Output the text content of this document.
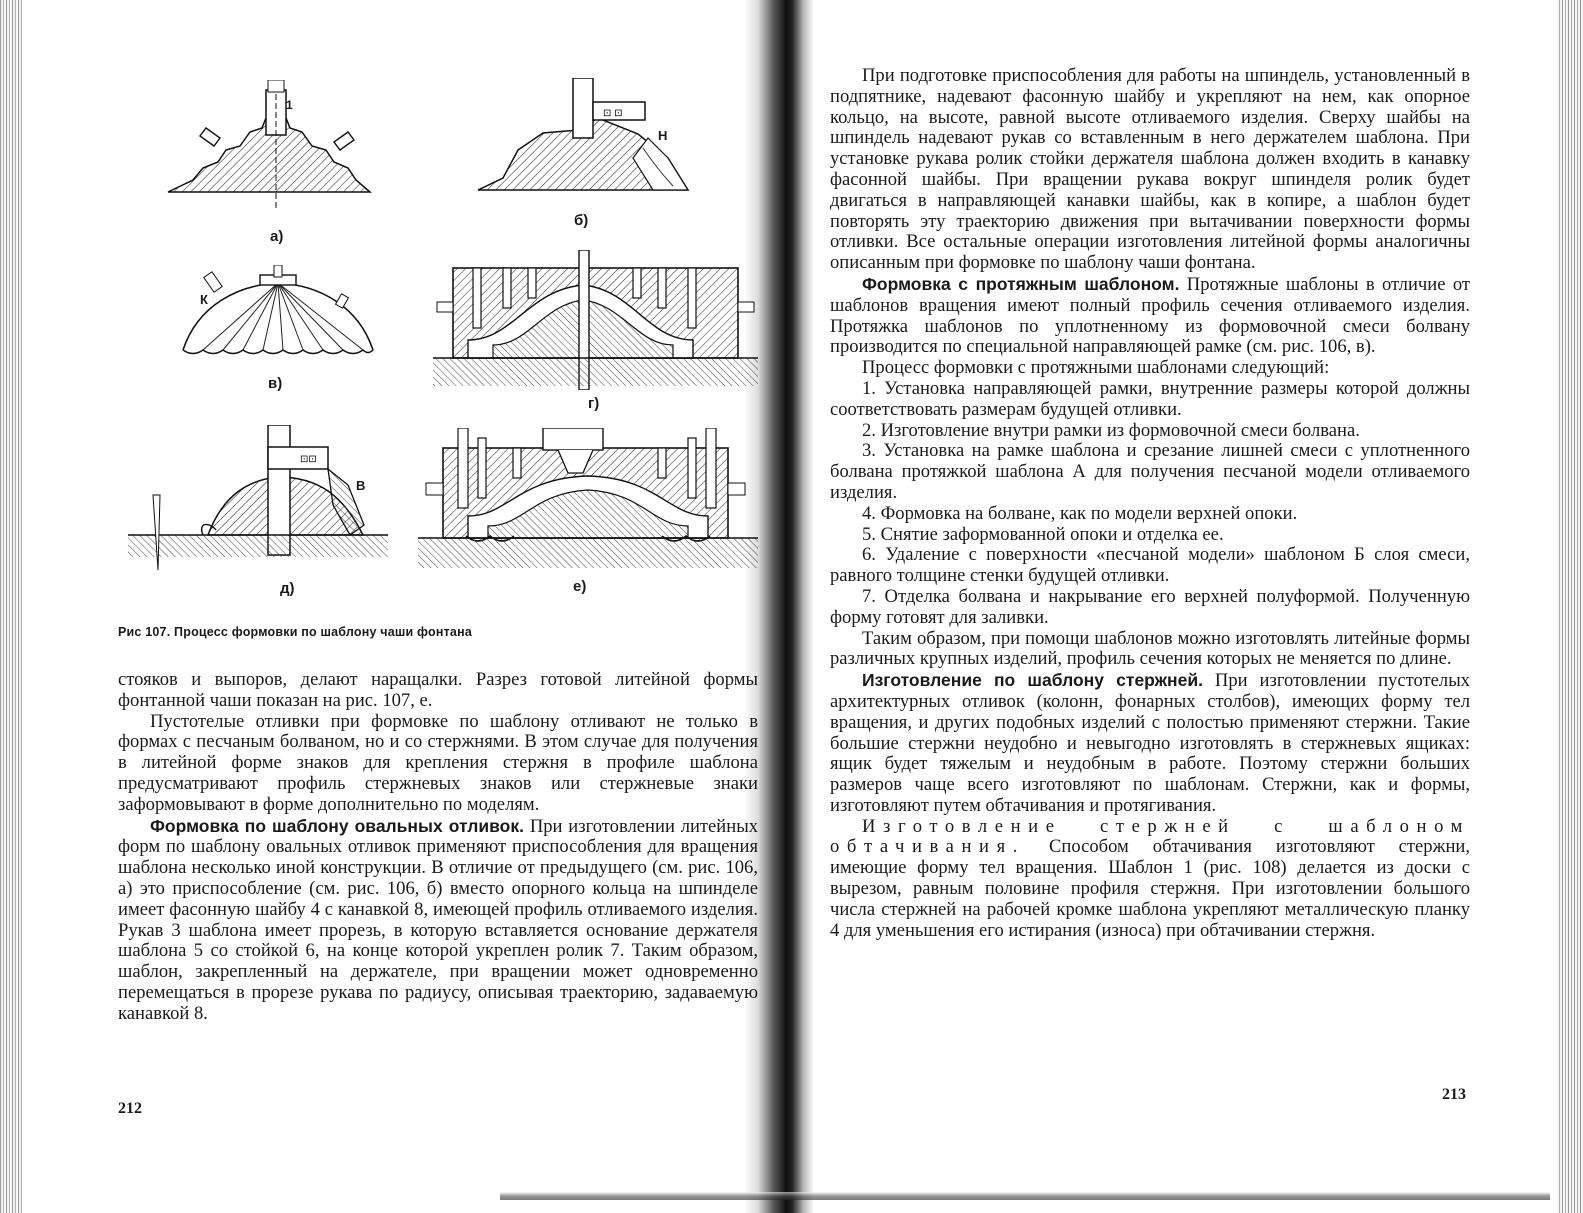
а)
1
⊡ ⊡
б)
Н
в)
К
г)
⊡⊡
д)
В
е)
Рис 107. Процесс формовки по шаблону чаши фонтана

стояков и выпоров, делают наращалки. Разрез готовой литейной формы фонтанной чаши показан на рис. 107, е.

Пустотелые отливки при формовке по шаблону отливают не только в формах с песчаным болваном, но и со стержнями. В этом случае для получения в литейной форме знаков для крепления стержня в профиле шаблона предусматривают профиль стержневых знаков или стержневые знаки заформовывают в форме дополнительно по моделям.

Формовка по шаблону овальных отливок. При изготовлении литейных форм по шаблону овальных отливок применяют приспособления для вращения шаблона несколько иной конструкции. В отличие от предыдущего (см. рис. 106, а) это приспособление (см. рис. 106, б) вместо опорного кольца на шпинделе имеет фасонную шайбу 4 с канавкой 8, имеющей профиль отливаемого изделия. Рукав 3 шаблона имеет прорезь, в которую вставляется основание держателя шаблона 5 со стойкой 6, на конце которой укреплен ролик 7. Таким образом, шаблон, закрепленный на держателе, при вращении может одновременно перемещаться в прорезе рукава по радиусу, описывая траекторию, задаваемую канавкой 8.

212

При подготовке приспособления для работы на шпиндель, установленный в подпятнике, надевают фасонную шайбу и укрепляют на нем, как опорное кольцо, на высоте, равной высоте отливаемого изделия. Сверху шайбы на шпиндель надевают рукав со вставленным в него держателем шаблона. При установке рукава ролик стойки держателя шаблона должен входить в канавку фасонной шайбы. При вращении рукава вокруг шпинделя ролик будет двигаться в направляющей канавки шайбы, как в копире, а шаблон будет повторять эту траекторию движения при вытачивании поверхности формы отливки. Все остальные операции изготовления литейной формы аналогичны описанным при формовке по шаблону чаши фонтана.

Формовка с протяжным шаблоном. Протяжные шаблоны в отличие от шаблонов вращения имеют полный профиль сечения отливаемого изделия. Протяжка шаблонов по уплотненному из формовочной смеси болвану производится по специальной направляющей рамке (см. рис. 106, в).

Процесс формовки с протяжными шаблонами следующий:

1. Установка направляющей рамки, внутренние размеры которой должны соответствовать размерам будущей отливки.

2. Изготовление внутри рамки из формовочной смеси болвана.

3. Установка на рамке шаблона и срезание лишней смеси с уплотненного болвана протяжкой шаблона А для получения песчаной модели отливаемого изделия.

4. Формовка на болване, как по модели верхней опоки.

5. Снятие заформованной опоки и отделка ее.

6. Удаление с поверхности «песчаной модели» шаблоном Б слоя смеси, равного толщине стенки будущей отливки.

7. Отделка болвана и накрывание его верхней полуформой. Полученную форму готовят для заливки.

Таким образом, при помощи шаблонов можно изготовлять литейные формы различных крупных изделий, профиль сечения которых не меняется по длине.

Изготовление по шаблону стержней. При изготовлении пустотелых архитектурных отливок (колонн, фонарных столбов), имеющих форму тел вращения, и других подобных изделий с полостью применяют стержни. Такие большие стержни неудобно и невыгодно изготовлять в стержневых ящиках: ящик будет тяжелым и неудобным в работе. Поэтому стержни больших размеров чаще всего изготовляют по шаблонам. Стержни, как и формы, изготовляют путем обтачивания и протягивания.

Изготовление стержней с шаблоном обтачивания. Способом обтачивания изготовляют стержни, имеющие форму тел вращения. Шаблон 1 (рис. 108) делается из доски с вырезом, равным половине профиля стержня. При изготовлении большого числа стержней на рабочей кромке шаблона укрепляют металлическую планку 4 для уменьшения его истирания (износа) при обтачивании стержня.

213
